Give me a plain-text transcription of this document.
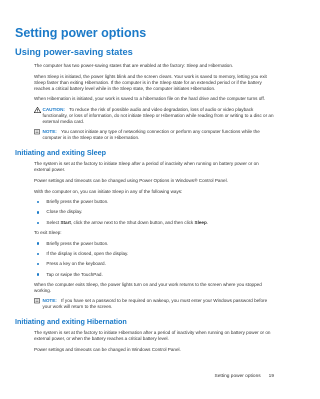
Setting power options
Using power-saving states

The computer has two power-saving states that are enabled at the factory: Sleep and Hibernation.

When Sleep is initiated, the power lights blink and the screen clears. Your work is saved to memory, letting you exit Sleep faster than exiting Hibernation. If the computer is in the Sleep state for an extended period or if the battery reaches a critical battery level while in the Sleep state, the computer initiates Hibernation.

When Hibernation is initiated, your work is saved to a hibernation file on the hard drive and the computer turns off.

CAUTION: To reduce the risk of possible audio and video degradation, loss of audio or video playback functionality, or loss of information, do not initiate Sleep or Hibernation while reading from or writing to a disc or an external media card.
NOTE: You cannot initiate any type of networking connection or perform any computer functions while the computer is in the Sleep state or in Hibernation.
Initiating and exiting Sleep

The system is set at the factory to initiate Sleep after a period of inactivity when running on battery power or on external power.

Power settings and timeouts can be changed using Power Options in Windows® Control Panel.

With the computer on, you can initiate Sleep in any of the following ways:

Briefly press the power button.
Close the display.
Select Start, click the arrow next to the Shut down button, and then click Sleep.

To exit Sleep:

Briefly press the power button.
If the display is closed, open the display.
Press a key on the keyboard.
Tap or swipe the TouchPad.

When the computer exits Sleep, the power lights turn on and your work returns to the screen where you stopped working.

NOTE: If you have set a password to be required on wakeup, you must enter your Windows password before your work will return to the screen.
Initiating and exiting Hibernation

The system is set at the factory to initiate Hibernation after a period of inactivity when running on battery power or on external power, or when the battery reaches a critical battery level.

Power settings and timeouts can be changed in Windows Control Panel.

Setting power options 19
